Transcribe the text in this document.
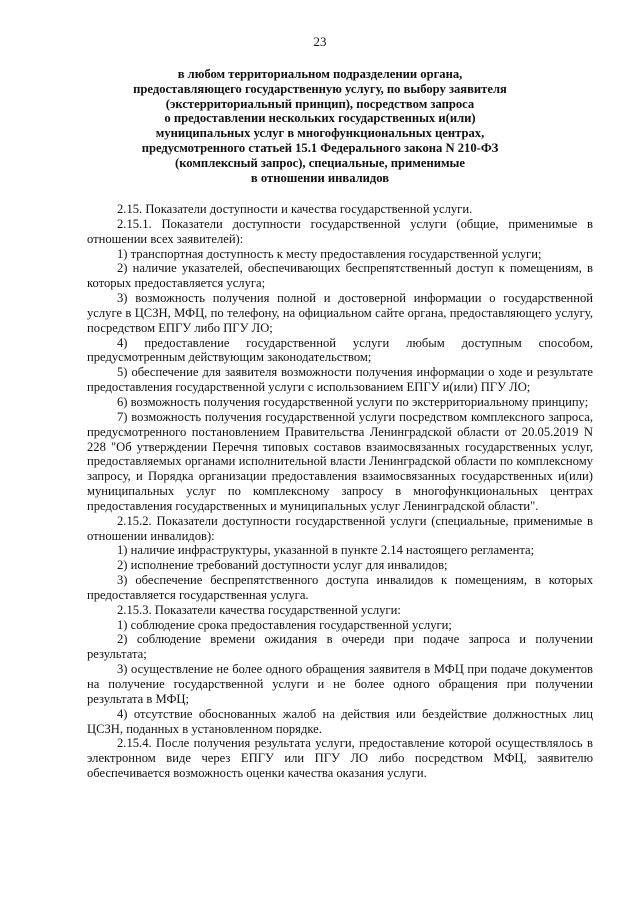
23
в любом территориальном подразделении органа,
предоставляющего государственную услугу, по выбору заявителя
(экстерриториальный принцип), посредством запроса
о предоставлении нескольких государственных и(или)
муниципальных услуг в многофункциональных центрах,
предусмотренного статьей 15.1 Федерального закона N 210-ФЗ
(комплексный запрос), специальные, применимые
в отношении инвалидов

2.15. Показатели доступности и качества государственной услуги.

2.15.1. Показатели доступности государственной услуги (общие, применимые в отношении всех заявителей):

1) транспортная доступность к месту предоставления государственной услуги;

2) наличие указателей, обеспечивающих беспрепятственный доступ к помещениям, в которых предоставляется услуга;

3) возможность получения полной и достоверной информации о государственной услуге в ЦСЗН, МФЦ, по телефону, на официальном сайте органа, предоставляющего услугу, посредством ЕПГУ либо ПГУ ЛО;

4) предоставление государственной услуги любым доступным способом, предусмотренным действующим законодательством;

5) обеспечение для заявителя возможности получения информации о ходе и результате предоставления государственной услуги с использованием ЕПГУ и(или) ПГУ ЛО;

6) возможность получения государственной услуги по экстерриториальному принципу;

7) возможность получения государственной услуги посредством комплексного запроса, предусмотренного постановлением Правительства Ленинградской области от 20.05.2019 N 228 "Об утверждении Перечня типовых составов взаимосвязанных государственных услуг, предоставляемых органами исполнительной власти Ленинградской области по комплексному запросу, и Порядка организации предоставления взаимосвязанных государственных и(или) муниципальных услуг по комплексному запросу в многофункциональных центрах предоставления государственных и муниципальных услуг Ленинградской области".

2.15.2. Показатели доступности государственной услуги (специальные, применимые в отношении инвалидов):

1) наличие инфраструктуры, указанной в пункте 2.14 настоящего регламента;

2) исполнение требований доступности услуг для инвалидов;

3) обеспечение беспрепятственного доступа инвалидов к помещениям, в которых предоставляется государственная услуга.

2.15.3. Показатели качества государственной услуги:

1) соблюдение срока предоставления государственной услуги;

2) соблюдение времени ожидания в очереди при подаче запроса и получении результата;

3) осуществление не более одного обращения заявителя в МФЦ при подаче документов на получение государственной услуги и не более одного обращения при получении результата в МФЦ;

4) отсутствие обоснованных жалоб на действия или бездействие должностных лиц ЦСЗН, поданных в установленном порядке.

2.15.4. После получения результата услуги, предоставление которой осуществлялось в электронном виде через ЕПГУ или ПГУ ЛО либо посредством МФЦ, заявителю обеспечивается возможность оценки качества оказания услуги.
